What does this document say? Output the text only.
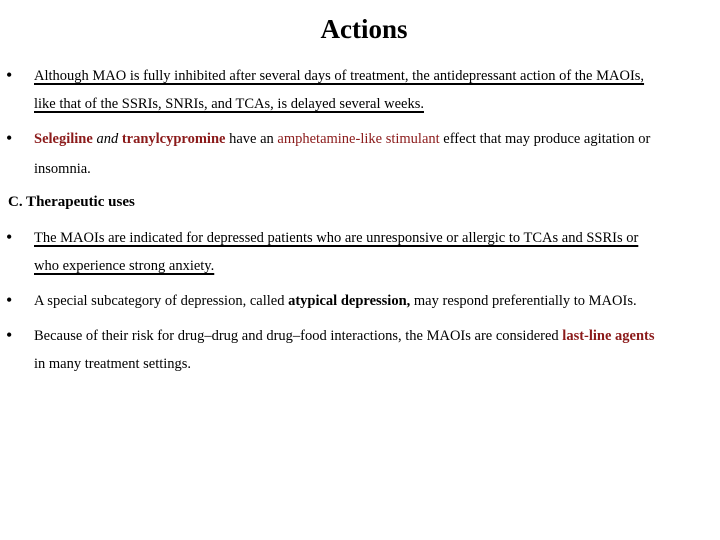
Actions
• Although MAO is fully inhibited after several days of treatment, the antidepressant action of the MAOIs,
like that of the SSRIs, SNRIs, and TCAs, is delayed several weeks.
• Selegiline and tranylcypromine have an amphetamine-like stimulant effect that may produce agitation or
insomnia.
C. Therapeutic uses
• The MAOIs are indicated for depressed patients who are unresponsive or allergic to TCAs and SSRIs or
who experience strong anxiety.
• A special subcategory of depression, called atypical depression, may respond preferentially to MAOIs.
• Because of their risk for drug–drug and drug–food interactions, the MAOIs are considered last-line agents
in many treatment settings.
